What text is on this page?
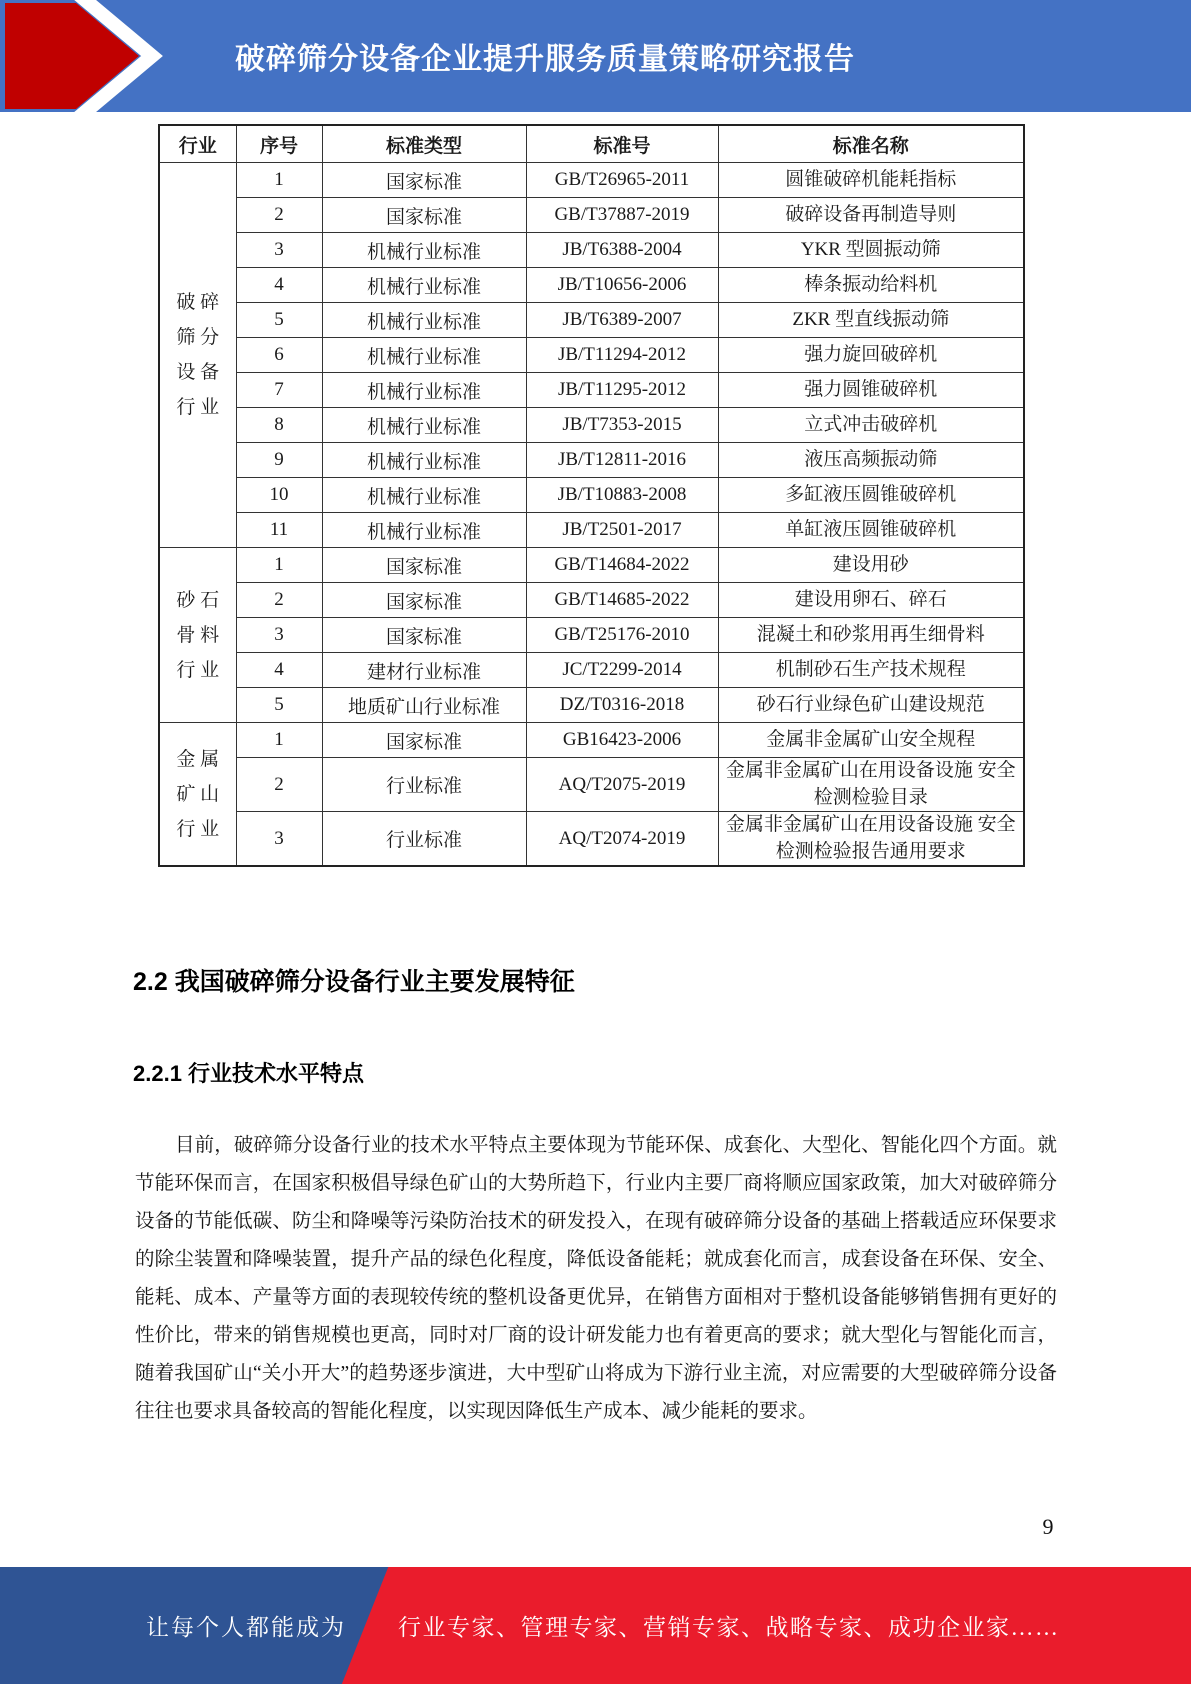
破碎筛分设备企业提升服务质量策略研究报告
行业	序号	标准类型	标准号	标准名称

破 碎
筛 分
设 备
行 业	1	国家标准	GB/T26965-2011	圆锥破碎机能耗指标
	2	国家标准	GB/T37887-2019	破碎设备再制造导则
	3	机械行业标准	JB/T6388-2004	YKR 型圆振动筛
	4	机械行业标准	JB/T10656-2006	棒条振动给料机
	5	机械行业标准	JB/T6389-2007	ZKR 型直线振动筛
	6	机械行业标准	JB/T11294-2012	强力旋回破碎机
	7	机械行业标准	JB/T11295-2012	强力圆锥破碎机
	8	机械行业标准	JB/T7353-2015	立式冲击破碎机
	9	机械行业标准	JB/T12811-2016	液压高频振动筛
	10	机械行业标准	JB/T10883-2008	多缸液压圆锥破碎机
	11	机械行业标准	JB/T2501-2017	单缸液压圆锥破碎机

砂 石
骨 料
行 业	1	国家标准	GB/T14684-2022	建设用砂
	2	国家标准	GB/T14685-2022	建设用卵石、碎石
	3	国家标准	GB/T25176-2010	混凝土和砂浆用再生细骨料
	4	建材行业标准	JC/T2299-2014	机制砂石生产技术规程
	5	地质矿山行业标准	DZ/T0316-2018	砂石行业绿色矿山建设规范

金 属
矿 山
行 业	1	国家标准	GB16423-2006	金属非金属矿山安全规程
	2	行业标准	AQ/T2075-2019	金属非金属矿山在用设备设施 安全检测检验目录
	3	行业标准	AQ/T2074-2019	金属非金属矿山在用设备设施 安全检测检验报告通用要求
2.2 我国破碎筛分设备行业主要发展特征
2.2.1 行业技术水平特点
目前，破碎筛分设备行业的技术水平特点主要体现为节能环保、成套化、大型化、智能化四个方面。就节能环保而言，在国家积极倡导绿色矿山的大势所趋下，行业内主要厂商将顺应国家政策，加大对破碎筛分设备的节能低碳、防尘和降噪等污染防治技术的研发投入，在现有破碎筛分设备的基础上搭载适应环保要求的除尘装置和降噪装置，提升产品的绿色化程度，降低设备能耗；就成套化而言，成套设备在环保、安全、能耗、成本、产量等方面的表现较传统的整机设备更优异，在销售方面相对于整机设备能够销售拥有更好的性价比，带来的销售规模也更高，同时对厂商的设计研发能力也有着更高的要求；就大型化与智能化而言，随着我国矿山“关小开大”的趋势逐步演进，大中型矿山将成为下游行业主流，对应需要的大型破碎筛分设备往往也要求具备较高的智能化程度，以实现因降低生产成本、减少能耗的要求。
9
让每个人都能成为 行业专家、管理专家、营销专家、战略专家、成功企业家……
